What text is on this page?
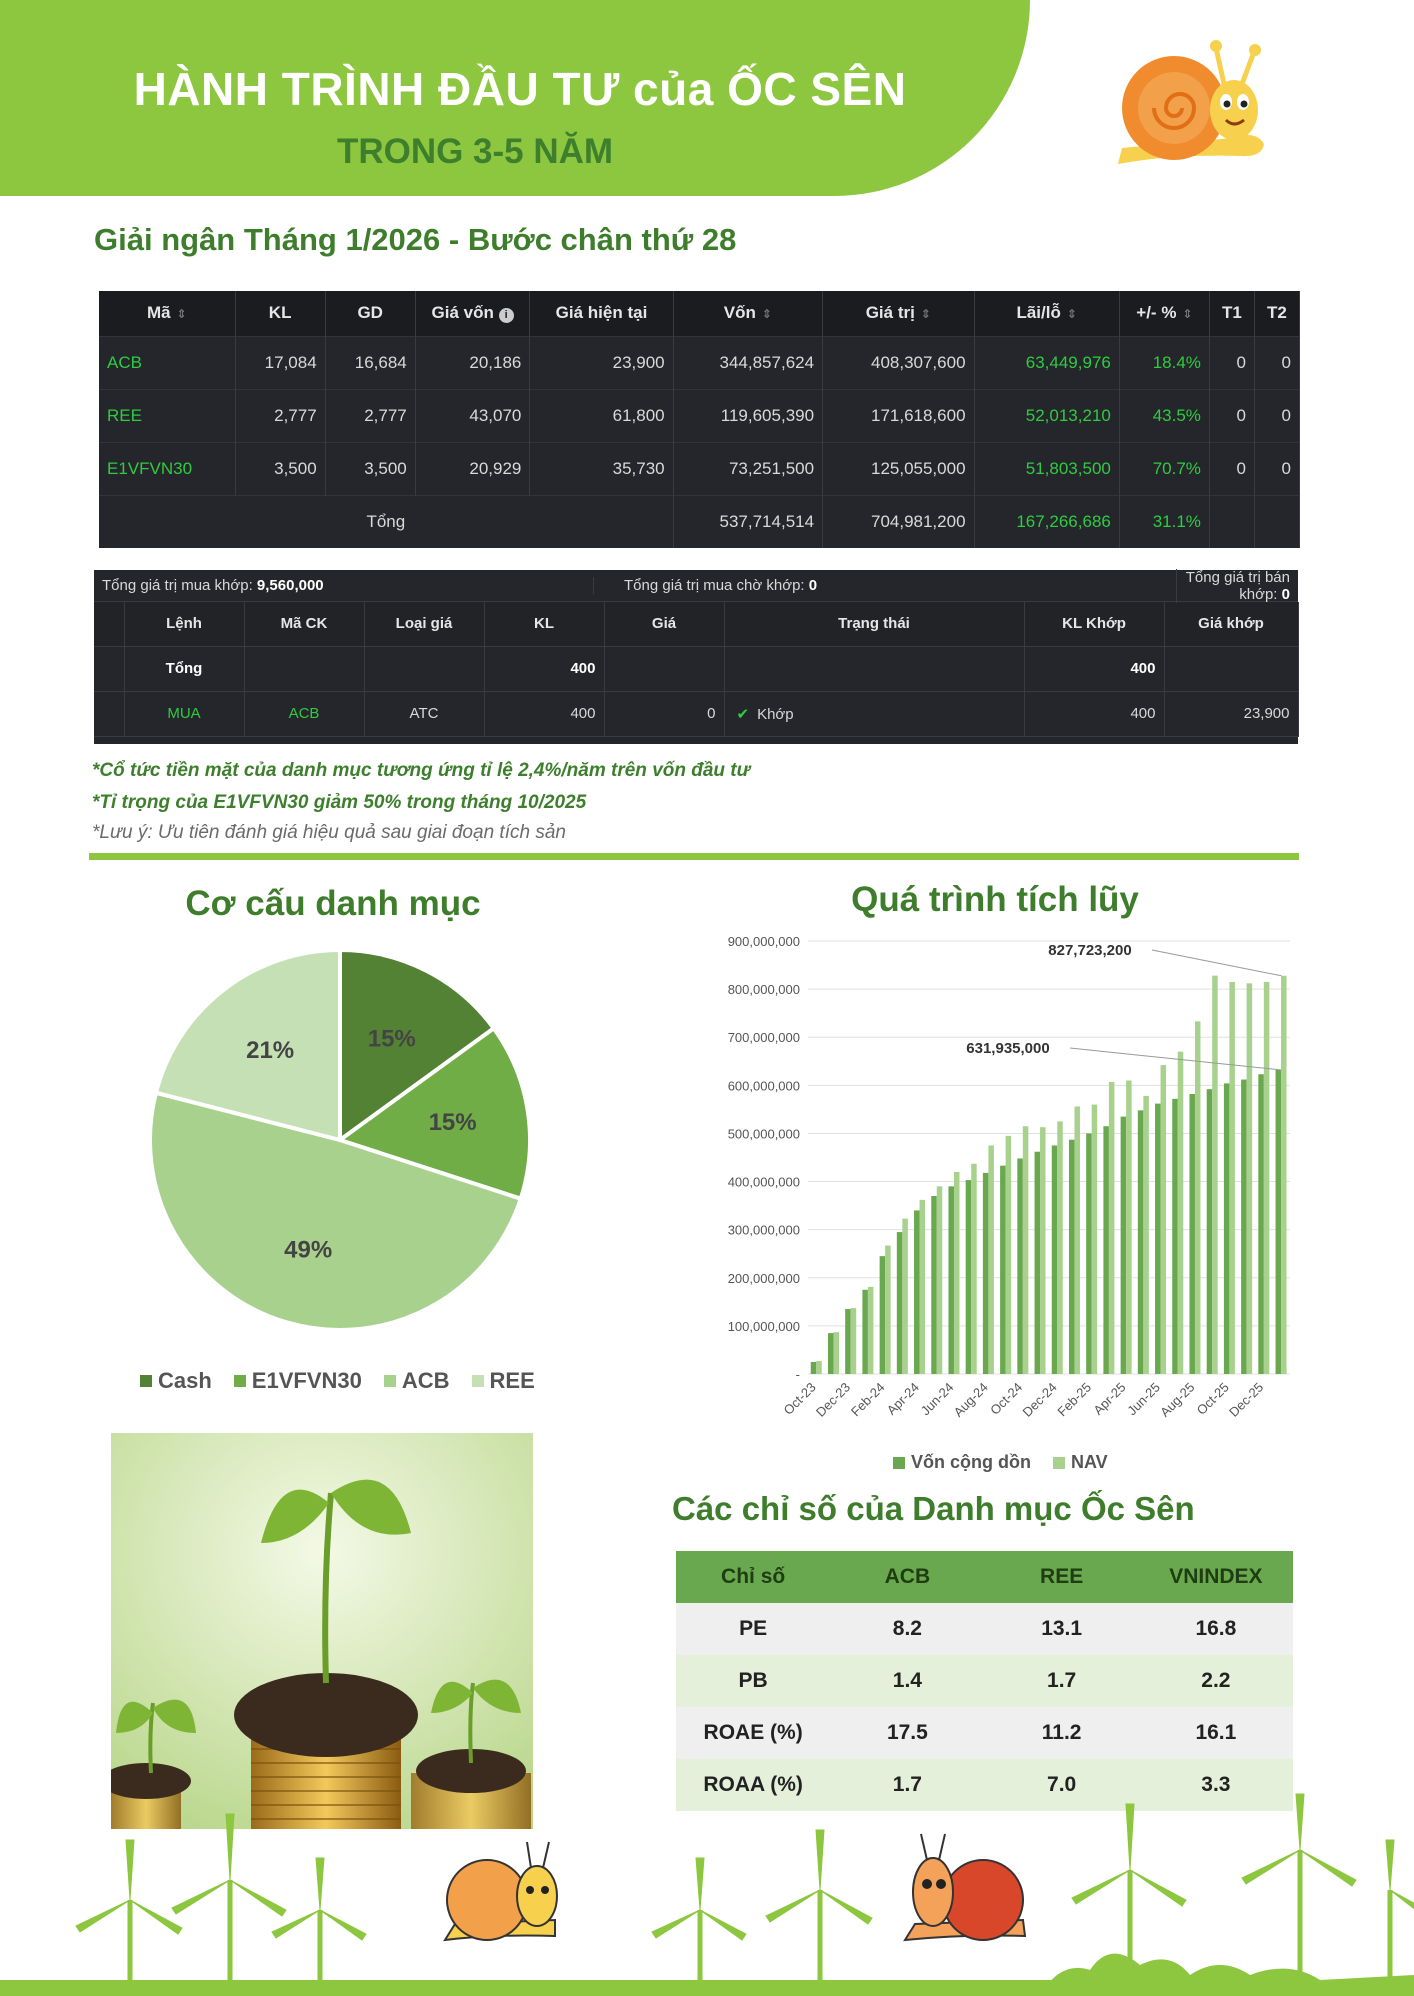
HÀNH TRÌNH ĐẦU TƯ của ỐC SÊN
TRONG 3-5 NĂM
Giải ngân Tháng 1/2026 - Bước chân thứ 28
Mã ⇕	KL	GD	Giá vốn i	Giá hiện tại	Vốn ⇕	Giá trị ⇕	Lãi/lỗ ⇕	+/- % ⇕	T1	T2
ACB	17,084	16,684	20,186	23,900	344,857,624	408,307,600	63,449,976	18.4%	0	0
REE	2,777	2,777	43,070	61,800	119,605,390	171,618,600	52,013,210	43.5%	0	0
E1VFVN30	3,500	3,500	20,929	35,730	73,251,500	125,055,000	51,803,500	70.7%	0	0
Tổng					537,714,514	704,981,200	167,266,686	31.1%		
Tổng giá trị mua khớp: 9,560,000	Tổng giá trị mua chờ khớp: 0	Tổng giá trị bán khớp: 0
	Lệnh	Mã CK	Loại giá	KL	Giá	Trạng thái	KL Khớp	Giá khớp
	Tổng			400			400	
	MUA	ACB	ATC	400	0	✔ Khớp	400	23,900
*Cổ tức tiền mặt của danh mục tương ứng tỉ lệ 2,4%/năm trên vốn đầu tư
*Tỉ trọng của E1VFVN30 giảm 50% trong tháng 10/2025
*Lưu ý: Ưu tiên đánh giá hiệu quả sau giai đoạn tích sản
Cơ cấu danh mục
15%
15%
49%
21%
Cash E1VFVN30 ACB REE
Quá trình tích lũy
-
100,000,000
200,000,000
300,000,000
400,000,000
500,000,000
600,000,000
700,000,000
800,000,000
900,000,000
Oct-23
Dec-23
Feb-24
Apr-24
Jun-24
Aug-24
Oct-24
Dec-24
Feb-25
Apr-25
Jun-25
Aug-25
Oct-25
Dec-25
827,723,200
631,935,000
Vốn cộng dồn NAV
Các chỉ số của Danh mục Ốc Sên
Chỉ số	ACB	REE	VNINDEX
PE	8.2	13.1	16.8
PB	1.4	1.7	2.2
ROAE (%)	17.5	11.2	16.1
ROAA (%)	1.7	7.0	3.3
